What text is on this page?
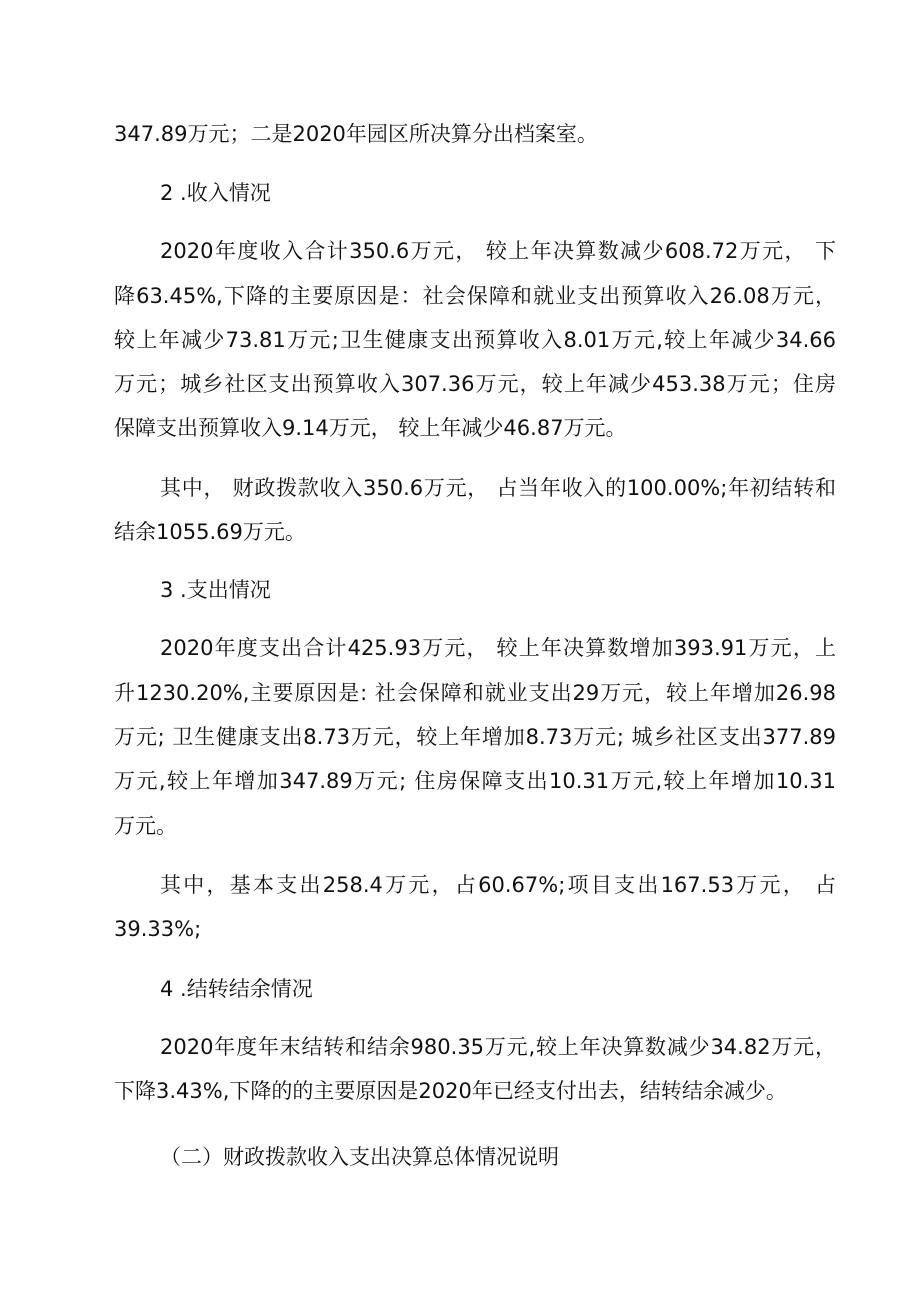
347.89万元；二是2020年园区所决算分出档案室。
2 .收入情况
2020年度收入合计350.6万元， 较上年决算数减少608.72万元， 下
降63.45%,下降的主要原因是：社会保障和就业支出预算收入26.08万元，
较上年减少73.81万元;卫生健康支出预算收入8.01万元,较上年减少34.66
万元；城乡社区支出预算收入307.36万元，较上年减少453.38万元；住房
保障支出预算收入9.14万元， 较上年减少46.87万元。
其中， 财政拨款收入350.6万元， 占当年收入的100.00%;年初结转和
结余1055.69万元。
3 .支出情况
2020年度支出合计425.93万元， 较上年决算数增加393.91万元，上
升1230.20%,主要原因是: 社会保障和就业支出29万元，较上年增加26.98
万元; 卫生健康支出8.73万元，较上年增加8.73万元; 城乡社区支出377.89
万元,较上年增加347.89万元; 住房保障支出10.31万元,较上年增加10.31
万元。
其中，基本支出258.4万元，占60.67%;项目支出167.53万元， 占
39.33%;
4 .结转结余情况
2020年度年末结转和结余980.35万元,较上年决算数减少34.82万元，
下降3.43%,下降的的主要原因是2020年已经支付出去，结转结余减少。
（二）财政拨款收入支出决算总体情况说明
